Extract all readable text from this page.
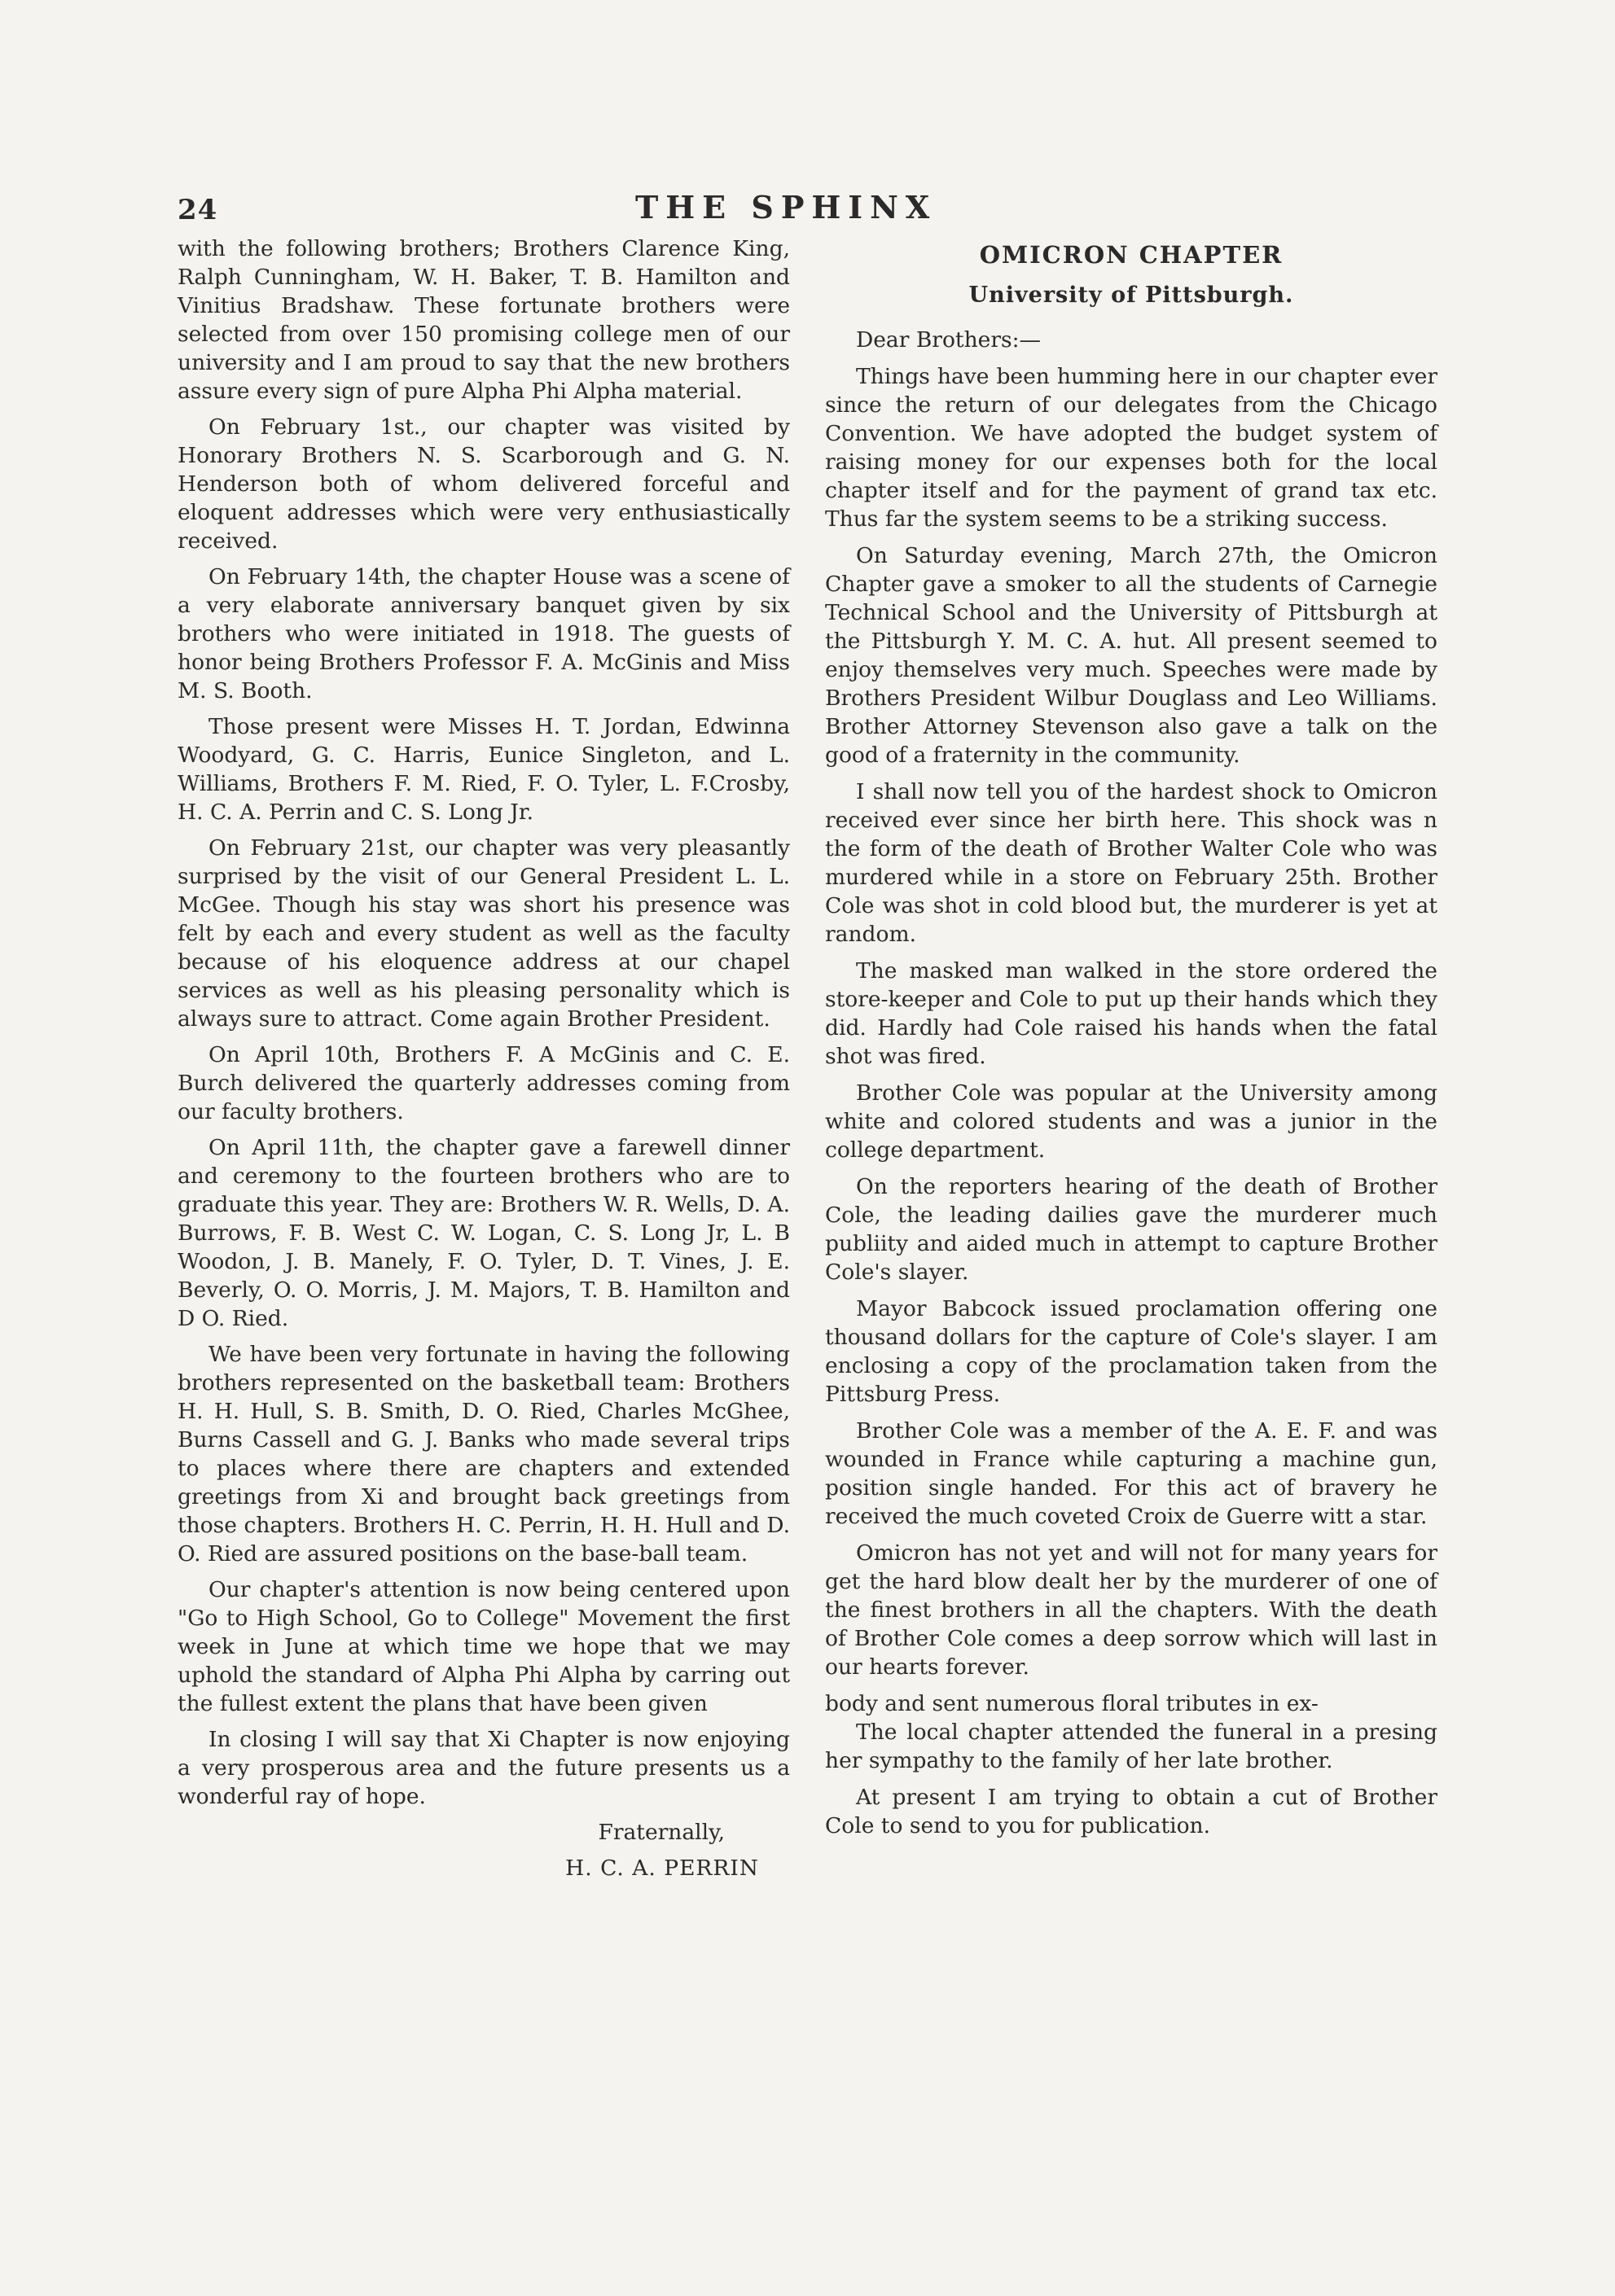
24	THE SPHINX

with the following brothers; Brothers Clarence King, Ralph Cunningham, W. H. Baker, T. B. Hamilton and Vinitius Bradshaw. These fortunate brothers were selected from over 150 promising college men of our university and I am proud to say that the new brothers assure every sign of pure Alpha Phi Alpha material.

On February 1st., our chapter was visited by Honorary Brothers N. S. Scarborough and G. N. Henderson both of whom delivered forceful and eloquent addresses which were very enthusiastically received.

On February 14th, the chapter House was a scene of a very elaborate anniversary banquet given by six brothers who were initiated in 1918. The guests of honor being Brothers Professor F. A. McGinis and Miss M. S. Booth.

Those present were Misses H. T. Jordan, Edwinna Woodyard, G. C. Harris, Eunice Singleton, and L. Williams, Brothers F. M. Ried, F. O. Tyler, L. F.Crosby, H. C. A. Perrin and C. S. Long Jr.

On February 21st, our chapter was very pleasantly surprised by the visit of our General President L. L. McGee. Though his stay was short his presence was felt by each and every student as well as the faculty because of his eloquence address at our chapel services as well as his pleasing personality which is always sure to attract. Come again Brother President.

On April 10th, Brothers F. A McGinis and C. E. Burch delivered the quarterly addresses coming from our faculty brothers.

On April 11th, the chapter gave a farewell dinner and ceremony to the fourteen brothers who are to graduate this year. They are: Brothers W. R. Wells, D. A. Burrows, F. B. West C. W. Logan, C. S. Long Jr, L. B Woodon, J. B. Manely, F. O. Tyler, D. T. Vines, J. E. Beverly, O. O. Morris, J. M. Majors, T. B. Hamilton and D O. Ried.

We have been very fortunate in having the following brothers represented on the basketball team: Brothers H. H. Hull, S. B. Smith, D. O. Ried, Charles McGhee, Burns Cassell and G. J. Banks who made several trips to places where there are chapters and extended greetings from Xi and brought back greetings from those chapters. Brothers H. C. Perrin, H. H. Hull and D. O. Ried are assured positions on the base-ball team.

Our chapter's attention is now being centered upon "Go to High School, Go to College" Movement the first week in June at which time we hope that we may uphold the standard of Alpha Phi Alpha by carring out the fullest extent the plans that have been given

In closing I will say that Xi Chapter is now enjoying a very prosperous area and the future presents us a wonderful ray of hope.

Fraternally,

H. C. A. PERRIN

OMICRON CHAPTER
University of Pittsburgh.

Dear Brothers:—

Things have been humming here in our chapter ever since the return of our delegates from the Chicago Convention. We have adopted the budget system of raising money for our expenses both for the local chapter itself and for the payment of grand tax etc. Thus far the system seems to be a striking success.

On Saturday evening, March 27th, the Omicron Chapter gave a smoker to all the students of Carnegie Technical School and the University of Pittsburgh at the Pittsburgh Y. M. C. A. hut. All present seemed to enjoy themselves very much. Speeches were made by Brothers President Wilbur Douglass and Leo Williams. Brother Attorney Stevenson also gave a talk on the good of a fraternity in the community.

I shall now tell you of the hardest shock to Omicron received ever since her birth here. This shock was n the form of the death of Brother Walter Cole who was murdered while in a store on February 25th. Brother Cole was shot in cold blood but, the murderer is yet at random.

The masked man walked in the store ordered the store-keeper and Cole to put up their hands which they did. Hardly had Cole raised his hands when the fatal shot was fired.

Brother Cole was popular at the University among white and colored students and was a junior in the college department.

On the reporters hearing of the death of Brother Cole, the leading dailies gave the murderer much publiity and aided much in attempt to capture Brother Cole's slayer.

Mayor Babcock issued proclamation offering one thousand dollars for the capture of Cole's slayer. I am enclosing a copy of the proclamation taken from the Pittsburg Press.

Brother Cole was a member of the A. E. F. and was wounded in France while capturing a machine gun, position single handed. For this act of bravery he received the much coveted Croix de Guerre witt a star.

Omicron has not yet and will not for many years for get the hard blow dealt her by the murderer of one of the finest brothers in all the chapters. With the death of Brother Cole comes a deep sorrow which will last in our hearts forever.

body and sent numerous floral tributes in ex-

The local chapter attended the funeral in a presing her sympathy to the family of her late brother.

At present I am trying to obtain a cut of Brother Cole to send to you for publication.
